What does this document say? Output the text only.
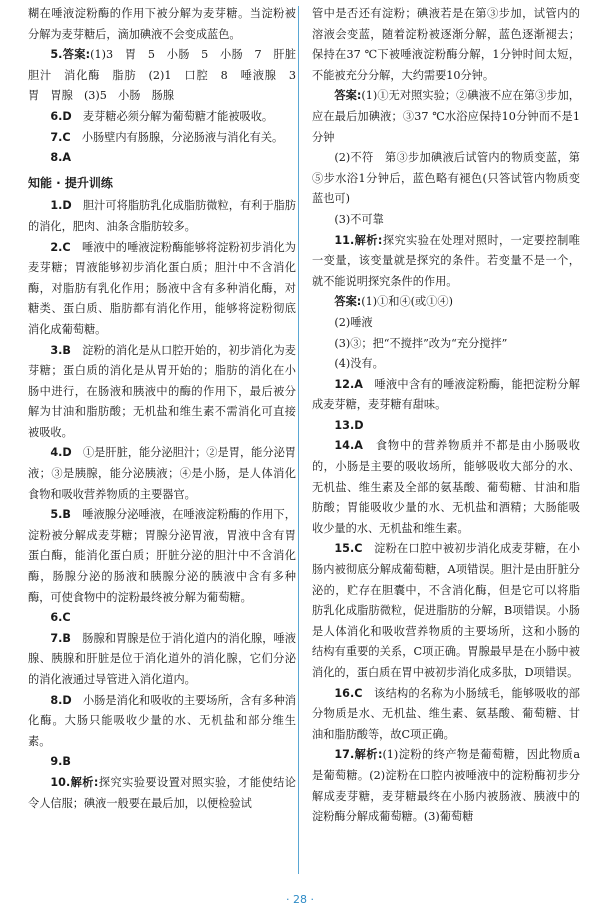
糊在唾液淀粉酶的作用下被分解为麦芽糖。当淀粉被分解为麦芽糖后，滴加碘液不会变成蓝色。

5.答案:(1)3　胃　5　小肠　5　小肠　7　肝脏　胆汁　消化酶　脂肪　(2)1　口腔　8　唾液腺　3　胃　胃腺　(3)5　小肠　肠腺

6.D　 麦芽糖必须分解为葡萄糖才能被吸收。

7.C　 小肠壁内有肠腺，分泌肠液与消化有关。

8.A　

知能 · 提升训练

1.D　 胆汁可将脂肪乳化成脂肪微粒，有利于脂肪的消化，肥肉、油条含脂肪较多。

2.C　 唾液中的唾液淀粉酶能够将淀粉初步消化为麦芽糖；胃液能够初步消化蛋白质；胆汁中不含消化酶，对脂肪有乳化作用；肠液中含有多种消化酶，对糖类、蛋白质、脂肪都有消化作用，能够将淀粉彻底消化成葡萄糖。

3.B　 淀粉的消化是从口腔开始的，初步消化为麦芽糖；蛋白质的消化是从胃开始的；脂肪的消化在小肠中进行，在肠液和胰液中的酶的作用下，最后被分解为甘油和脂肪酸；无机盐和维生素不需消化可直接被吸收。

4.D　 ①是肝脏，能分泌胆汁；②是胃，能分泌胃液；③是胰腺，能分泌胰液；④是小肠，是人体消化食物和吸收营养物质的主要器官。

5.B　 唾液腺分泌唾液，在唾液淀粉酶的作用下，淀粉被分解成麦芽糖；胃腺分泌胃液，胃液中含有胃蛋白酶，能消化蛋白质；肝脏分泌的胆汁中不含消化酶，肠腺分泌的肠液和胰腺分泌的胰液中含有多种酶，可使食物中的淀粉最终被分解为葡萄糖。

6.C　

7.B　 肠腺和胃腺是位于消化道内的消化腺，唾液腺、胰腺和肝脏是位于消化道外的消化腺，它们分泌的消化液通过导管进入消化道内。

8.D　 小肠是消化和吸收的主要场所，含有多种消化酶。大肠只能吸收少量的水、无机盐和部分维生素。

9.B　

10.解析:探究实验要设置对照实验，才能使结论令人信服；碘液一般要在最后加，以便检验试

管中是否还有淀粉；碘液若是在第③步加，试管内的溶液会变蓝，随着淀粉被逐渐分解，蓝色逐渐褪去；保持在37 ℃下被唾液淀粉酶分解，1分钟时间太短，不能被充分分解，大约需要10分钟。

答案:(1)①无对照实验；②碘液不应在第③步加，应在最后加碘液；③37 ℃水浴应保持10分钟而不是1分钟

(2)不符　第③步加碘液后试管内的物质变蓝，第⑤步水浴1分钟后，蓝色略有褪色(只答试管内物质变蓝也可)

(3)不可靠

11.解析:探究实验在处理对照时，一定要控制唯一变量，该变量就是探究的条件。若变量不是一个，就不能说明探究条件的作用。

答案:(1)①和④(或①④)

(2)唾液

(3)③；把“不搅拌”改为“充分搅拌”

(4)没有。

12.A　 唾液中含有的唾液淀粉酶，能把淀粉分解成麦芽糖，麦芽糖有甜味。

13.D　

14.A　 食物中的营养物质并不都是由小肠吸收的，小肠是主要的吸收场所，能够吸收大部分的水、无机盐、维生素及全部的氨基酸、葡萄糖、甘油和脂肪酸；胃能吸收少量的水、无机盐和酒精；大肠能吸收少量的水、无机盐和维生素。

15.C　 淀粉在口腔中被初步消化成麦芽糖，在小肠内被彻底分解成葡萄糖，A项错误。胆汁是由肝脏分泌的，贮存在胆囊中，不含消化酶，但是它可以将脂肪乳化成脂肪微粒，促进脂肪的分解，B项错误。小肠是人体消化和吸收营养物质的主要场所，这和小肠的结构有重要的关系，C项正确。胃腺最早是在小肠中被消化的，蛋白质在胃中被初步消化成多肽，D项错误。

16.C　 该结构的名称为小肠绒毛，能够吸收的部分物质是水、无机盐、维生素、氨基酸、葡萄糖、甘油和脂肪酸等，故C项正确。

17.解析:(1)淀粉的终产物是葡萄糖，因此物质a是葡萄糖。(2)淀粉在口腔内被唾液中的淀粉酶初步分解成麦芽糖，麦芽糖最终在小肠内被肠液、胰液中的淀粉酶分解成葡萄糖。(3)葡萄糖

· 28 ·
